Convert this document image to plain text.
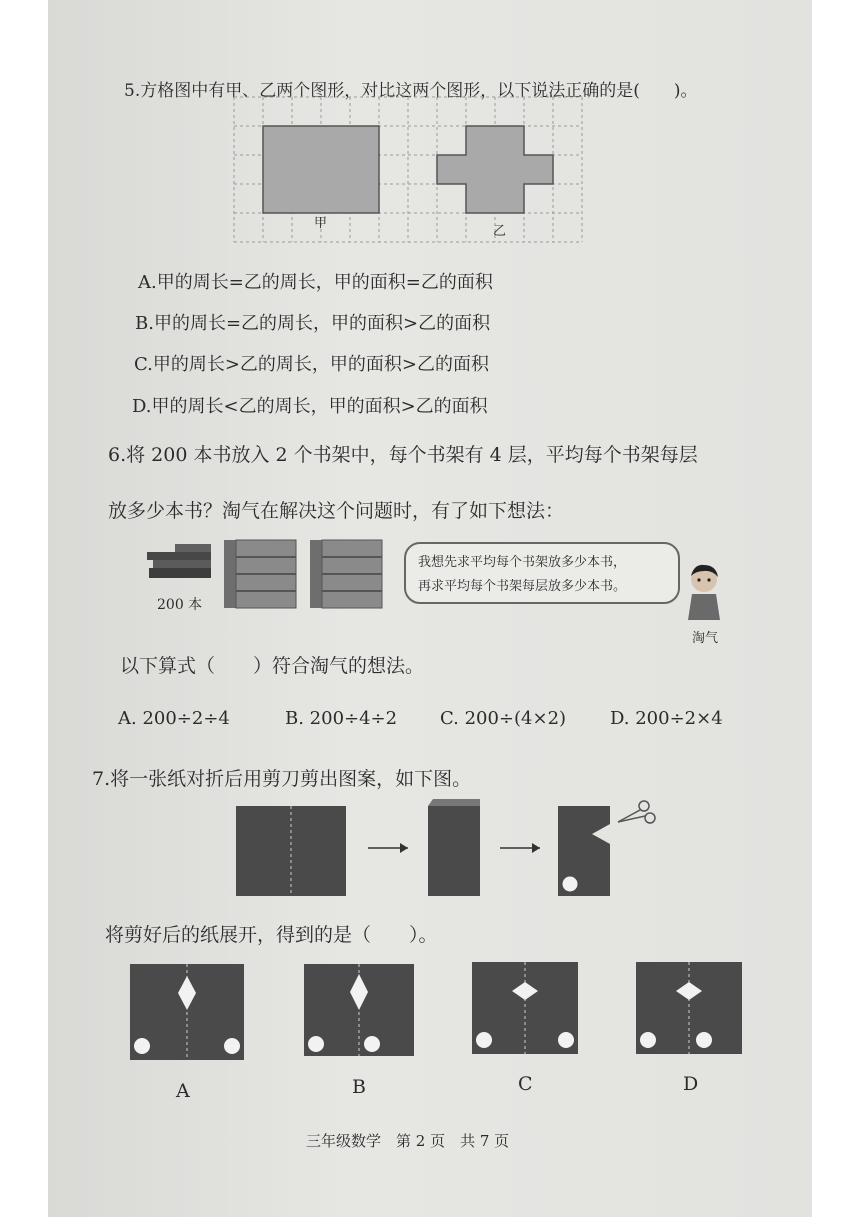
5.方格图中有甲、乙两个图形，对比这两个图形，以下说法正确的是(　　)。
甲
乙
A.甲的周长=乙的周长，甲的面积=乙的面积
B.甲的周长=乙的周长，甲的面积>乙的面积
C.甲的周长>乙的周长，甲的面积>乙的面积
D.甲的周长<乙的周长，甲的面积>乙的面积
6.将 200 本书放入 2 个书架中，每个书架有 4 层，平均每个书架每层
放多少本书？淘气在解决这个问题时，有了如下想法：
200 本
我想先求平均每个书架放多少本书，
再求平均每个书架每层放多少本书。
淘气
以下算式（　　）符合淘气的想法。
A. 200÷2÷4	B. 200÷4÷2 C. 200÷(4×2) D. 200÷2×4
7.将一张纸对折后用剪刀剪出图案，如下图。
将剪好后的纸展开，得到的是（　　）。
A	B	C	D
三年级数学　第 2 页　共 7 页
